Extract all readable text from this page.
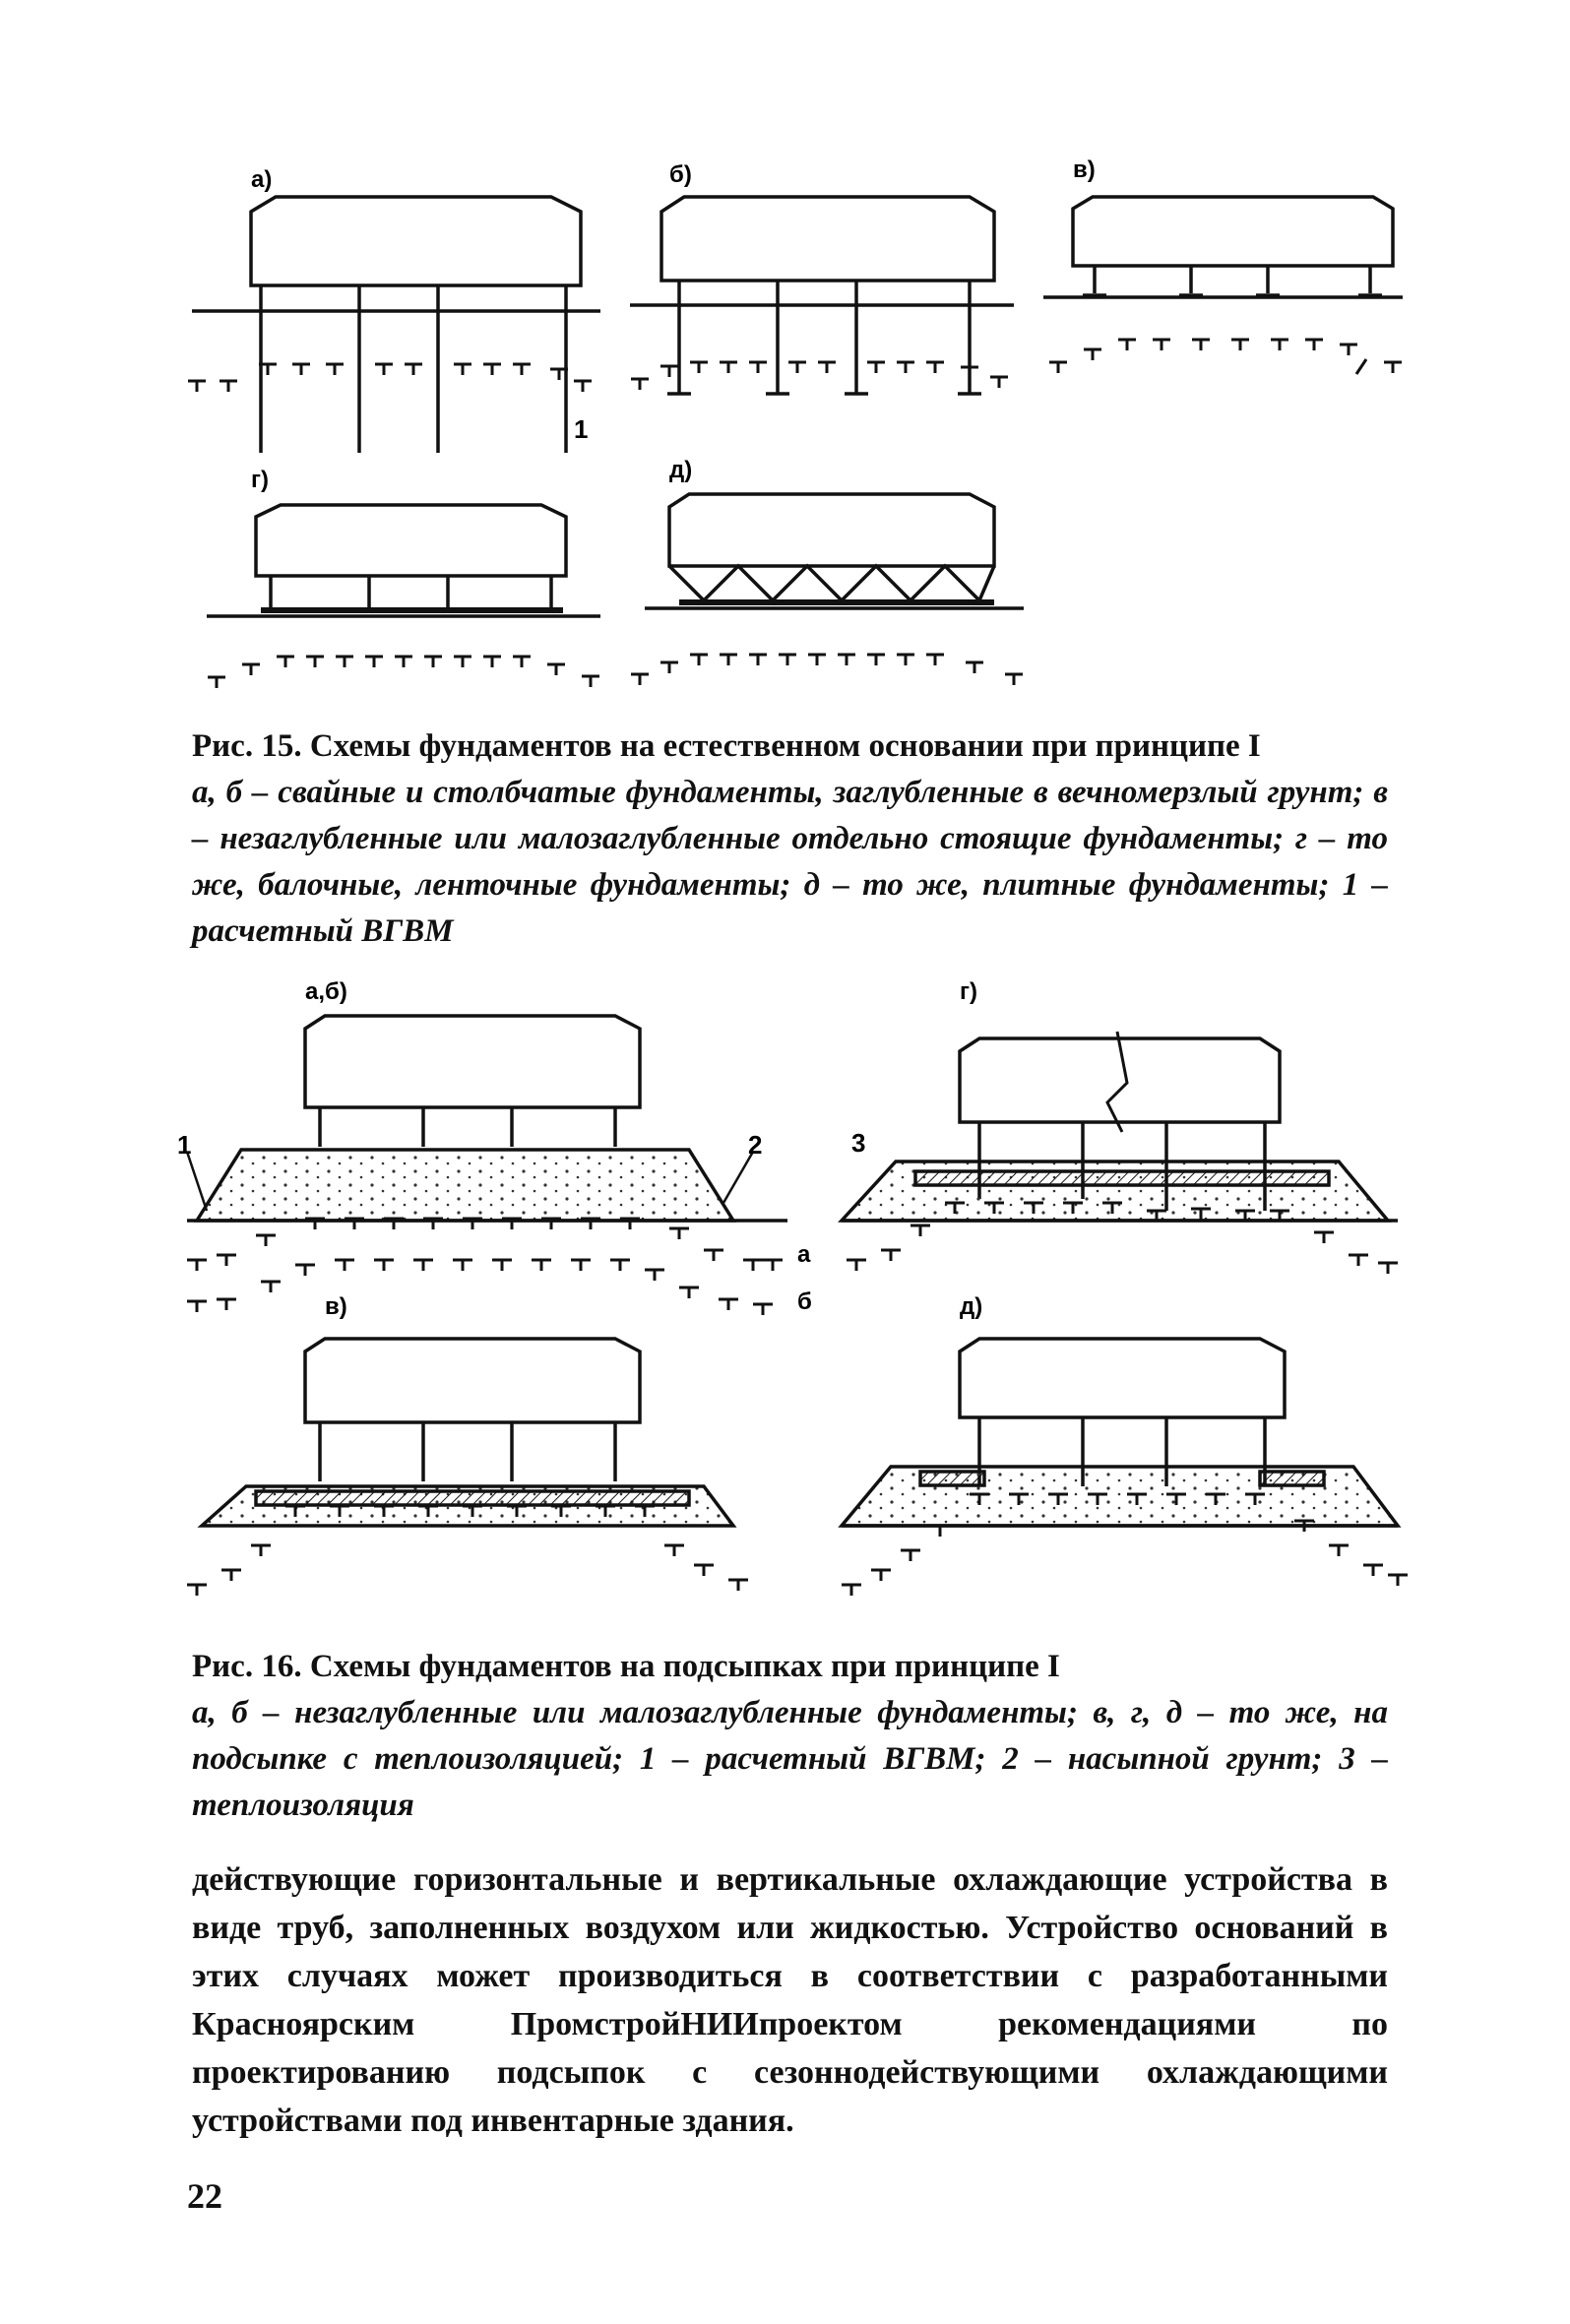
а)	б)	в)
г)	д)
1
Рис. 15. Схемы фундаментов на естественном основании при принципе I
а, б – свайные и столбчатые фундаменты, заглубленные в вечномерзлый грунт; в – незаглубленные или малозаглубленные отдельно стоящие фундаменты; г – то же, балочные, ленточные фундаменты; д – то же, плитные фундаменты; 1 – расчетный ВГВМ
а,б)	г)
в)	д)
1	2	3
а
б
Рис. 16. Схемы фундаментов на подсыпках при принципе I
а, б – незаглубленные или малозаглубленные фундаменты; в, г, д – то же, на подсыпке с теплоизоляцией; 1 – расчетный ВГВМ; 2 – насыпной грунт; 3 – теплоизоляция
действующие горизонтальные и вертикальные охлаждающие устройства в виде труб, заполненных воздухом или жидкостью. Устройство оснований в этих случаях может производиться в соответствии с разработанными Красноярским ПромстройНИИпроектом рекомендациями по проектированию подсыпок с сезоннодействующими охлаждающими устройствами под инвентарные здания.
22
